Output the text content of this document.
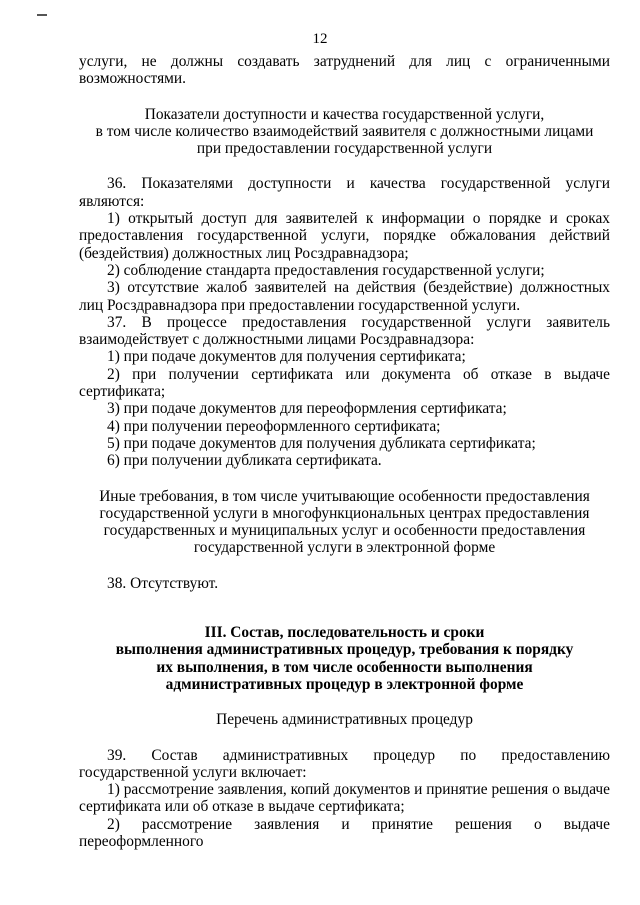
12

услуги, не должны создавать затруднений для лиц с ограниченными возможностями.

Показатели доступности и качества государственной услуги,

в том числе количество взаимодействий заявителя с должностными лицами

при предоставлении государственной услуги

36. Показателями доступности и качества государственной услуги являются:

1) открытый доступ для заявителей к информации о порядке и сроках предоставления государственной услуги, порядке обжалования действий (бездействия) должностных лиц Росздравнадзора;

2) соблюдение стандарта предоставления государственной услуги;

3) отсутствие жалоб заявителей на действия (бездействие) должностных лиц Росздравнадзора при предоставлении государственной услуги.

37. В процессе предоставления государственной услуги заявитель взаимодействует с должностными лицами Росздравнадзора:

1) при подаче документов для получения сертификата;

2) при получении сертификата или документа об отказе в выдаче сертификата;

3) при подаче документов для переоформления сертификата;

4) при получении переоформленного сертификата;

5) при подаче документов для получения дубликата сертификата;

6) при получении дубликата сертификата.

Иные требования, в том числе учитывающие особенности предоставления

государственной услуги в многофункциональных центрах предоставления

государственных и муниципальных услуг и особенности предоставления

государственной услуги в электронной форме

38. Отсутствуют.

III. Состав, последовательность и сроки

выполнения административных процедур, требования к порядку

их выполнения, в том числе особенности выполнения

административных процедур в электронной форме

Перечень административных процедур

39. Состав административных процедур по предоставлению государственной услуги включает:

1) рассмотрение заявления, копий документов и принятие решения о выдаче сертификата или об отказе в выдаче сертификата;

2) рассмотрение заявления и принятие решения о выдаче переоформленного
